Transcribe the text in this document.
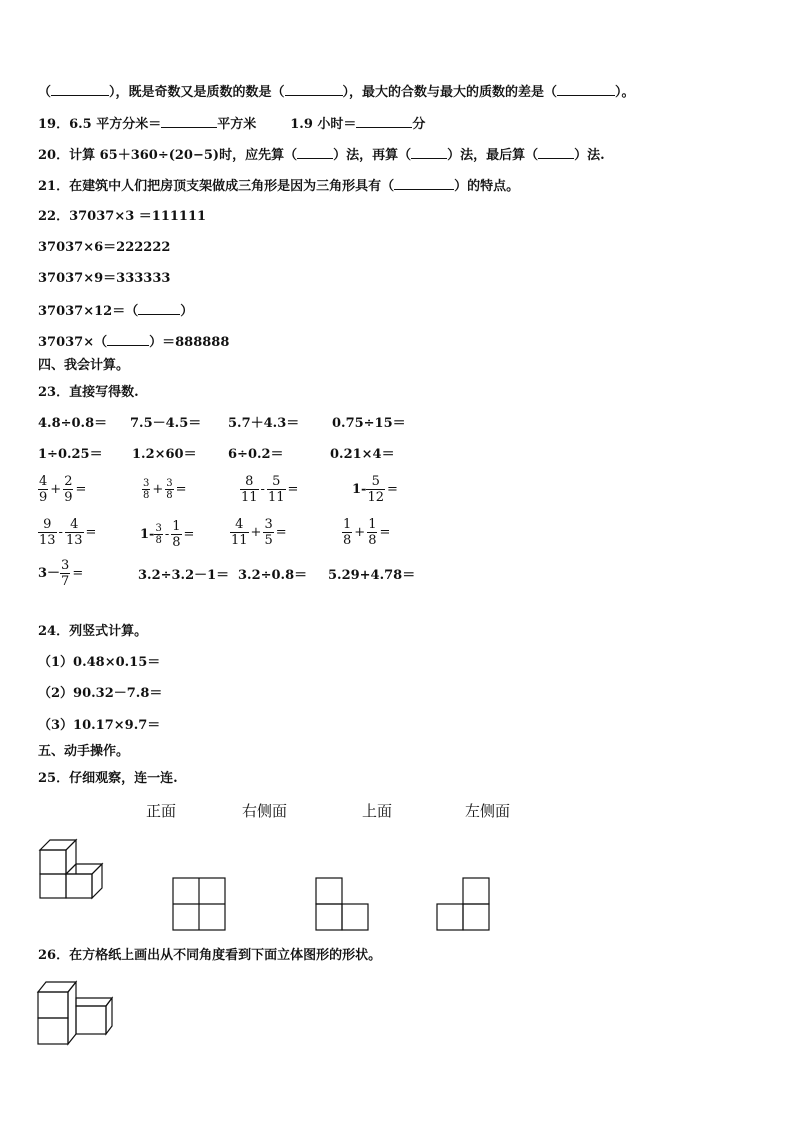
（	），既是奇数又是质数的数是（	），最大的合数与最大的质数的差是（	）。
19．6.5 平方分米＝	平方米	1.9 小时＝	分
20．计算 65＋360÷(20−5)时，应先算（	）法，再算（	）法，最后算（	）法.
21．在建筑中人们把房顶支架做成三角形是因为三角形具有（	）的特点。
22．37037×3 ＝111111
37037×6＝222222
37037×9＝333333
37037×12＝（	）
37037×（	）＝888888
四、我会计算。
23．直接写得数.
4.8÷0.8＝ 7.5－4.5＝ 5.7＋4.3＝	0.75÷15＝
1÷0.25＝ 1.2×60＝ 6÷0.2＝	0.21×4＝
$\frac{4}{9} + \frac{2}{9}$ =	$\frac{3}{8} + \frac{3}{8}$ =	$\frac{8}{11} - \frac{5}{11}$ =	$1- \frac{5}{12}$ =
$\frac{9}{13} - \frac{4}{13}$ =	$1- \frac{3}{8} - \frac{1}{8}$ =	$\frac{4}{11} + \frac{3}{5}$ =	$\frac{1}{8} + \frac{1}{8}$ =
$3- \frac{3}{7}$ =	3.2÷3.2－1＝ 3.2÷0.8＝ 5.29+4.78＝
24．列竖式计算。
（1）0.48×0.15＝
（2）90.32－7.8＝
（3）10.17×9.7＝
五、动手操作。
25．仔细观察，连一连.
正面	右侧面	上面	左侧面
26．在方格纸上画出从不同角度看到下面立体图形的形状。
